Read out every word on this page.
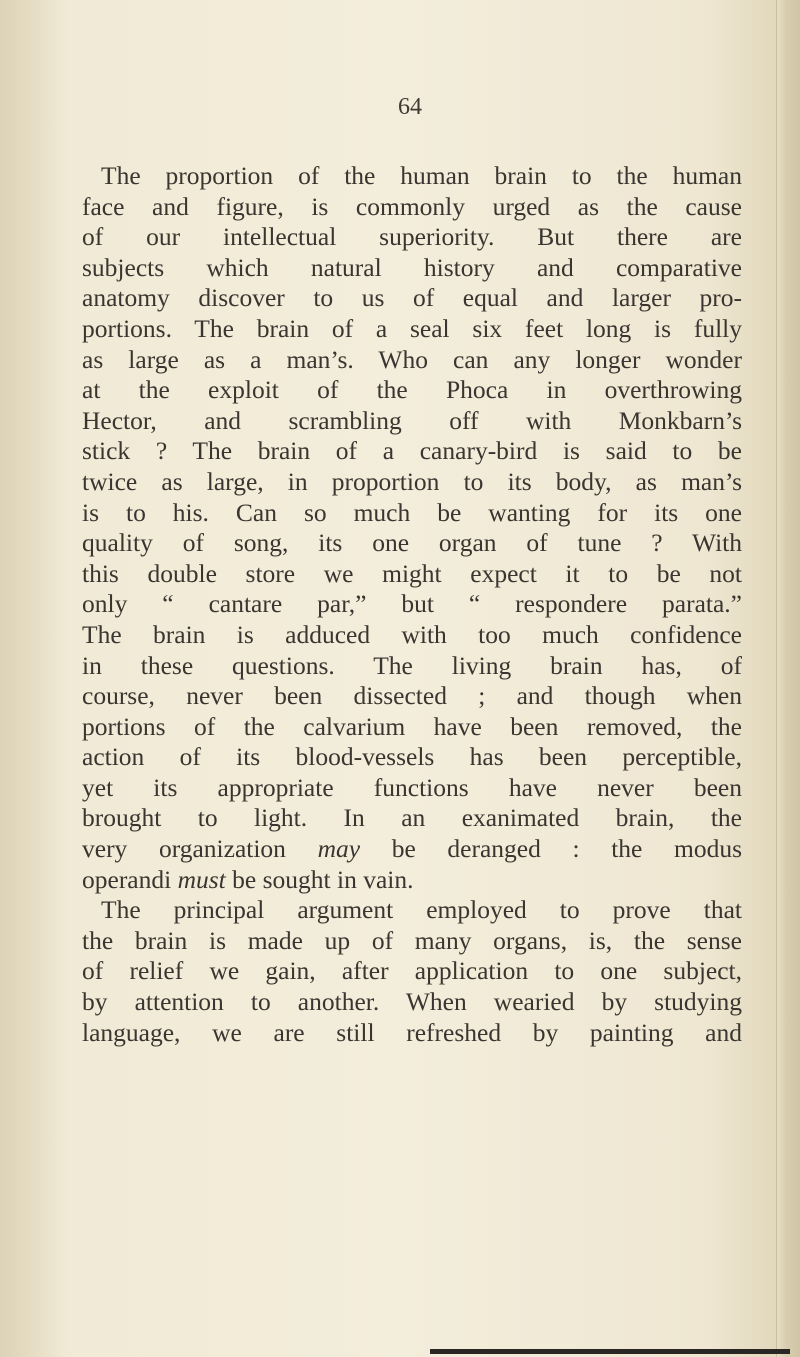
64
The proportion of the human brain to the human
face and figure, is commonly urged as the cause
of our intellectual superiority. But there are
subjects which natural history and comparative
anatomy discover to us of equal and larger pro-
portions. The brain of a seal six feet long is fully
as large as a man’s. Who can any longer wonder
at the exploit of the Phoca in overthrowing
Hector, and scrambling off with Monkbarn’s
stick ? The brain of a canary-bird is said to be
twice as large, in proportion to its body, as man’s
is to his. Can so much be wanting for its one
quality of song, its one organ of tune ? With
this double store we might expect it to be not
only “ cantare par,” but “ respondere parata.”
The brain is adduced with too much confidence
in these questions. The living brain has, of
course, never been dissected ; and though when
portions of the calvarium have been removed, the
action of its blood-vessels has been perceptible,
yet its appropriate functions have never been
brought to light. In an exanimated brain, the
very organization may be deranged : the modus
operandi must be sought in vain.
The principal argument employed to prove that
the brain is made up of many organs, is, the sense
of relief we gain, after application to one subject,
by attention to another. When wearied by studying
language, we are still refreshed by painting and
